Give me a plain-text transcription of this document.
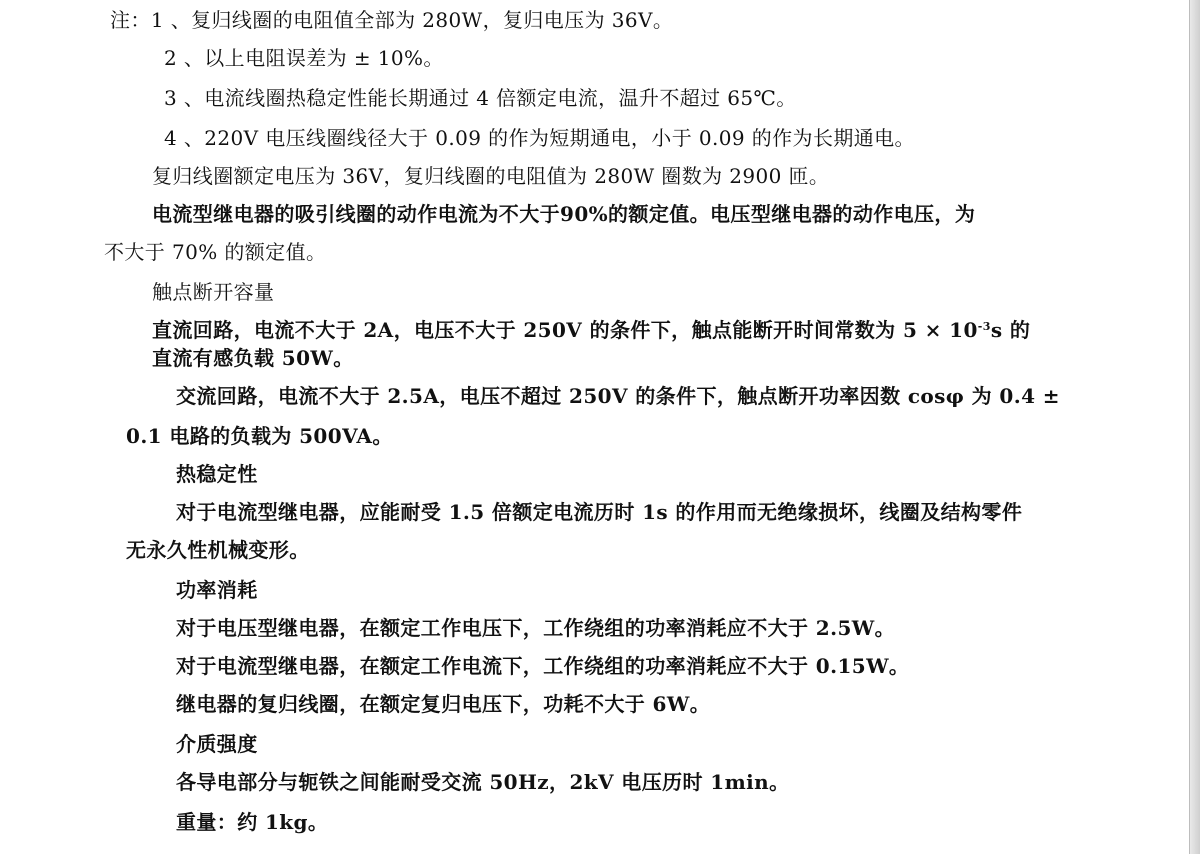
注：1 、复归线圈的电阻值全部为 280W，复归电压为 36V。
2 、以上电阻误差为 ± 10%。
3 、电流线圈热稳定性能长期通过 4 倍额定电流，温升不超过 65℃。
4 、220V 电压线圈线径大于 0.09 的作为短期通电，小于 0.09 的作为长期通电。
复归线圈额定电压为 36V，复归线圈的电阻值为 280W 圈数为 2900 匝。
电流型继电器的吸引线圈的动作电流为不大于90%的额定值。电压型继电器的动作电压，为
不大于 70% 的额定值。
触点断开容量
直流回路，电流不大于 2A，电压不大于 250V 的条件下，触点能断开时间常数为 $5 \times 10^{-3}s$ 的
直流有感负载 50W。
交流回路，电流不大于 2.5A，电压不超过 250V 的条件下，触点断开功率因数 cosφ 为 0.4 ±
0.1 电路的负载为 500VA。
热稳定性
对于电流型继电器，应能耐受 1.5 倍额定电流历时 1s 的作用而无绝缘损坏，线圈及结构零件
无永久性机械变形。
功率消耗
对于电压型继电器，在额定工作电压下，工作绕组的功率消耗应不大于 2.5W。
对于电流型继电器，在额定工作电流下，工作绕组的功率消耗应不大于 0.15W。
继电器的复归线圈，在额定复归电压下，功耗不大于 6W。
介质强度
各导电部分与轭铁之间能耐受交流 50Hz，2kV 电压历时 1min。
重量：约 1kg。
